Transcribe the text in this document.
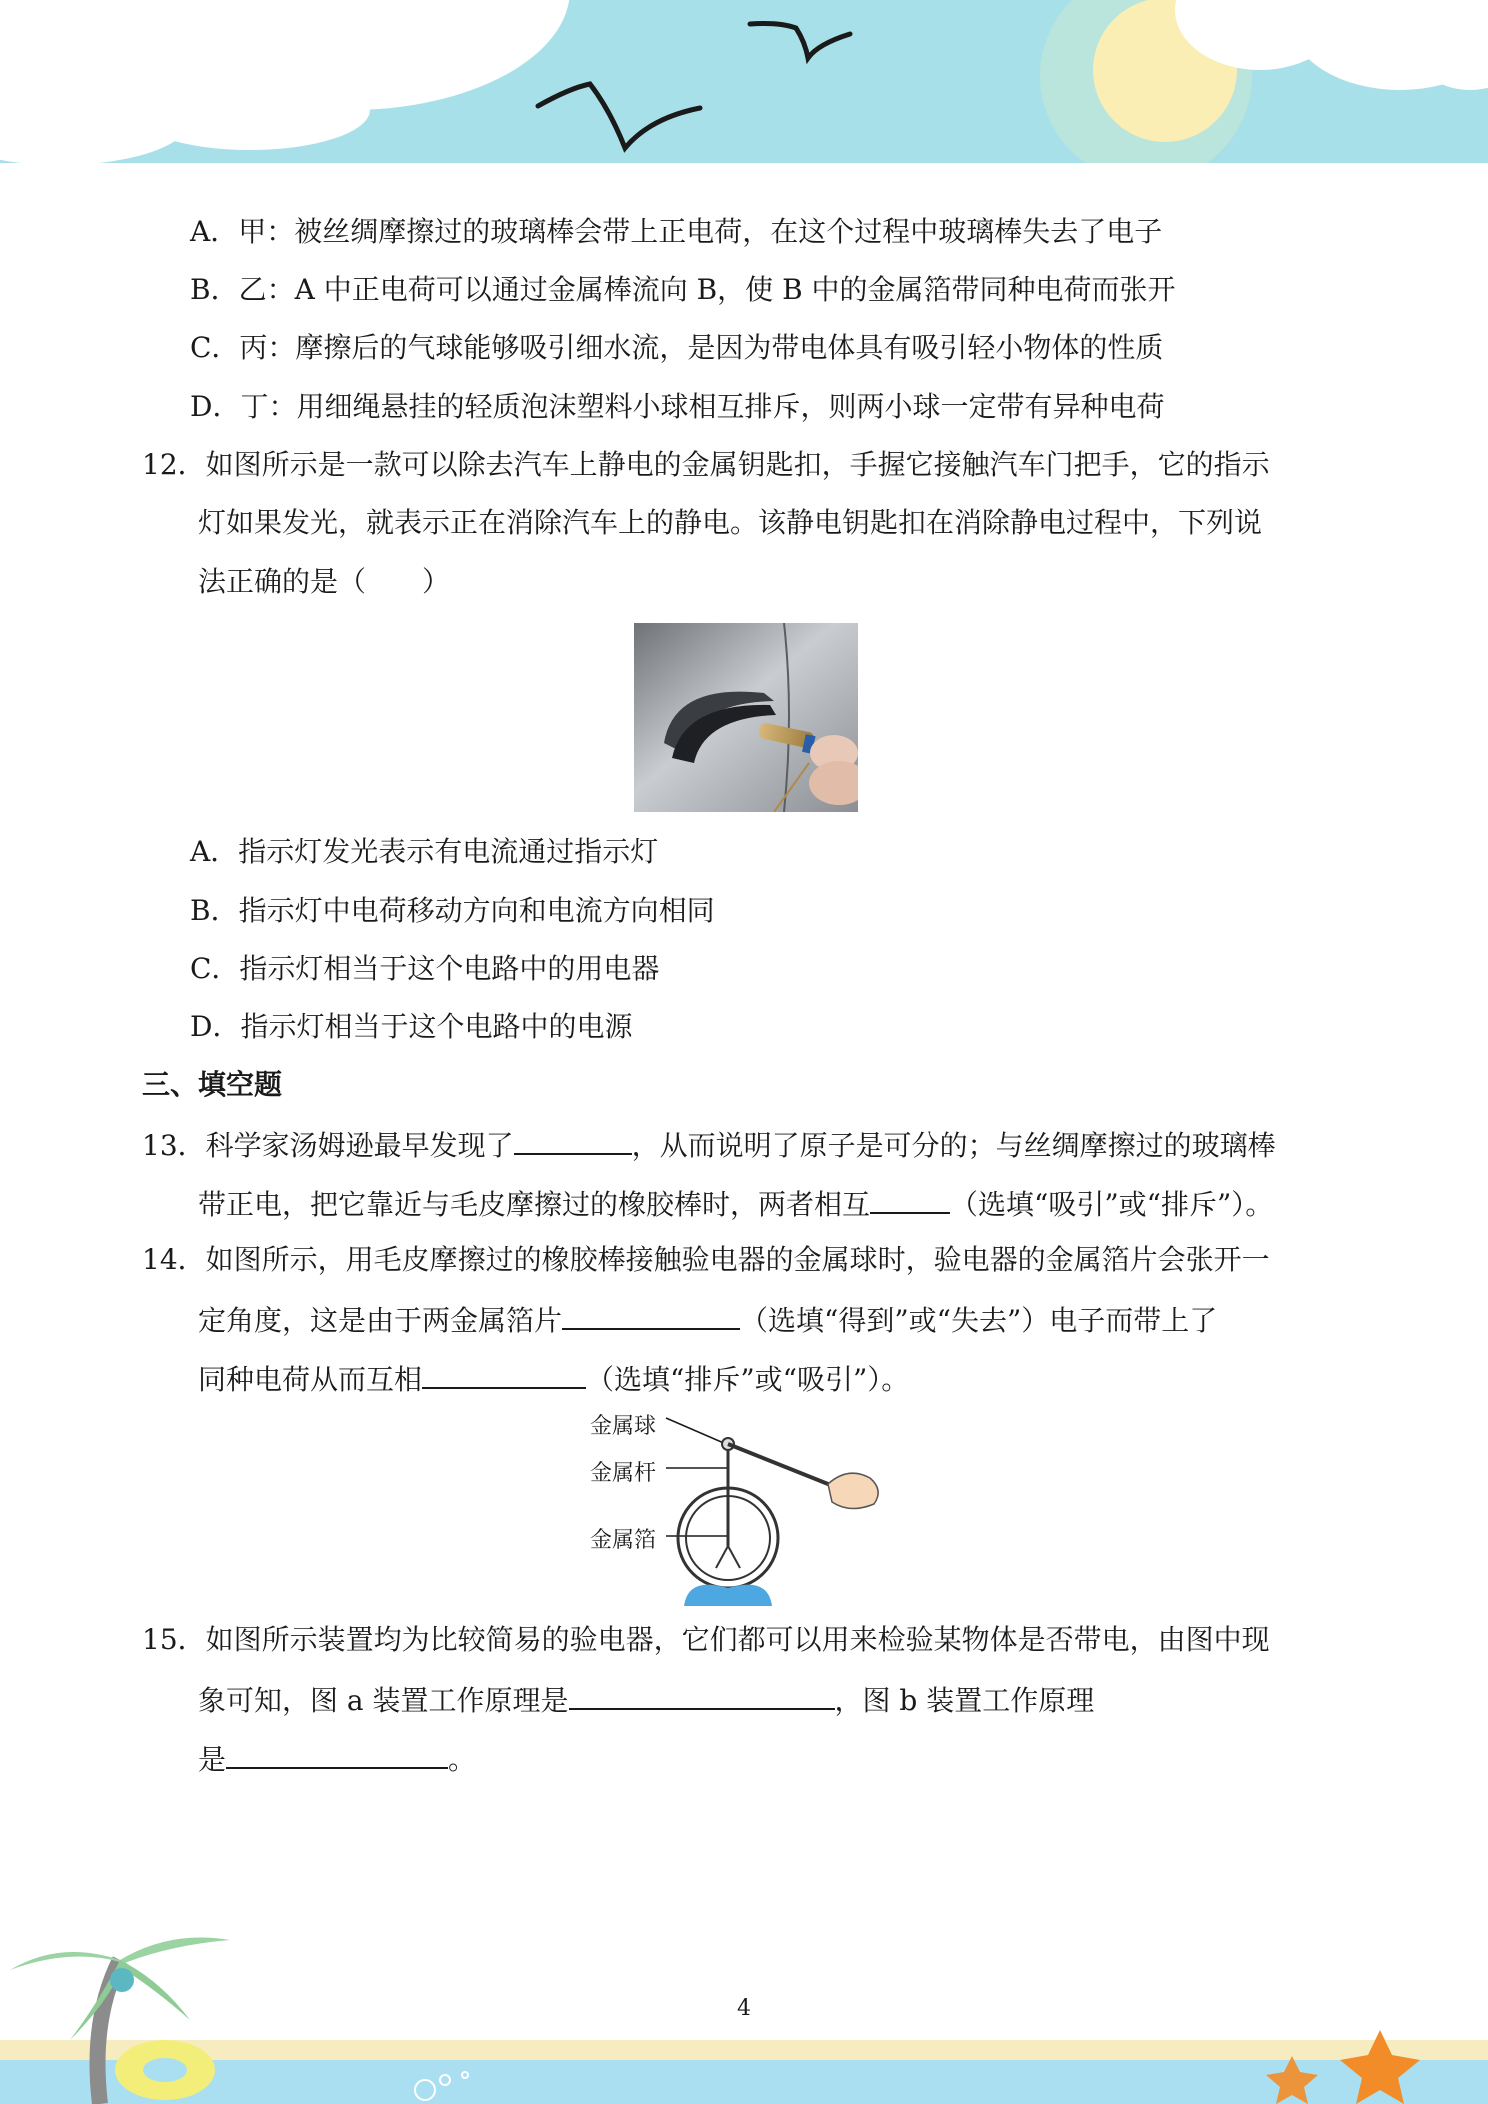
A．甲：被丝绸摩擦过的玻璃棒会带上正电荷，在这个过程中玻璃棒失去了电子
B．乙：A 中正电荷可以通过金属棒流向 B，使 B 中的金属箔带同种电荷而张开
C．丙：摩擦后的气球能够吸引细水流，是因为带电体具有吸引轻小物体的性质
D．丁：用细绳悬挂的轻质泡沫塑料小球相互排斥，则两小球一定带有异种电荷
12．如图所示是一款可以除去汽车上静电的金属钥匙扣，手握它接触汽车门把手，它的指示
灯如果发光，就表示正在消除汽车上的静电。该静电钥匙扣在消除静电过程中，下列说
法正确的是（　　）
A．指示灯发光表示有电流通过指示灯
B．指示灯中电荷移动方向和电流方向相同
C．指示灯相当于这个电路中的用电器
D．指示灯相当于这个电路中的电源
三、填空题
13．科学家汤姆逊最早发现了	，从而说明了原子是可分的；与丝绸摩擦过的玻璃棒
带正电，把它靠近与毛皮摩擦过的橡胶棒时，两者相互	（选填“吸引”或“排斥”）。
14．如图所示，用毛皮摩擦过的橡胶棒接触验电器的金属球时，验电器的金属箔片会张开一
定角度，这是由于两金属箔片	（选填“得到”或“失去”）电子而带上了
同种电荷从而互相	（选填“排斥”或“吸引”）。
金属球
金属杆
金属箔
15．如图所示装置均为比较简易的验电器，它们都可以用来检验某物体是否带电，由图中现
象可知，图 a 装置工作原理是	，图 b 装置工作原理
是	。
4
